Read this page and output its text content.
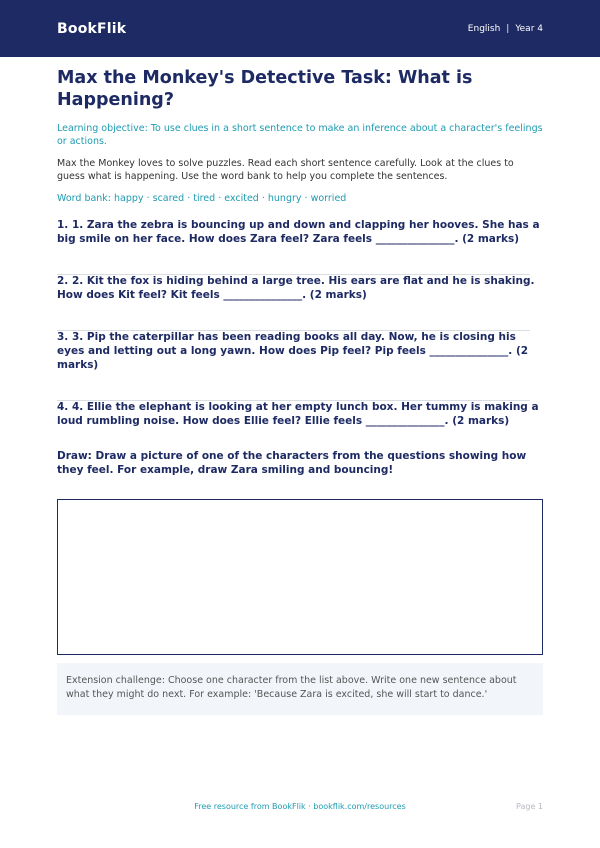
BookFlik	English | Year 4
Max the Monkey's Detective Task: What is Happening?
Learning objective: To use clues in a short sentence to make an inference about a character's feelings or actions.
Max the Monkey loves to solve puzzles. Read each short sentence carefully. Look at the clues to guess what is happening. Use the word bank to help you complete the sentences.
Word bank: happy · scared · tired · excited · hungry · worried
1. 1. Zara the zebra is bouncing up and down and clapping her hooves. She has a big smile on her face. How does Zara feel? Zara feels _______________. (2 marks)
2. 2. Kit the fox is hiding behind a large tree. His ears are flat and he is shaking. How does Kit feel? Kit feels _______________. (2 marks)
3. 3. Pip the caterpillar has been reading books all day. Now, he is closing his eyes and letting out a long yawn. How does Pip feel? Pip feels _______________. (2 marks)
4. 4. Ellie the elephant is looking at her empty lunch box. Her tummy is making a loud rumbling noise. How does Ellie feel? Ellie feels _______________. (2 marks)
Draw: Draw a picture of one of the characters from the questions showing how they feel. For example, draw Zara smiling and bouncing!
Extension challenge: Choose one character from the list above. Write one new sentence about what they might do next. For example: 'Because Zara is excited, she will start to dance.'
Free resource from BookFlik · bookflik.com/resources	Page 1
